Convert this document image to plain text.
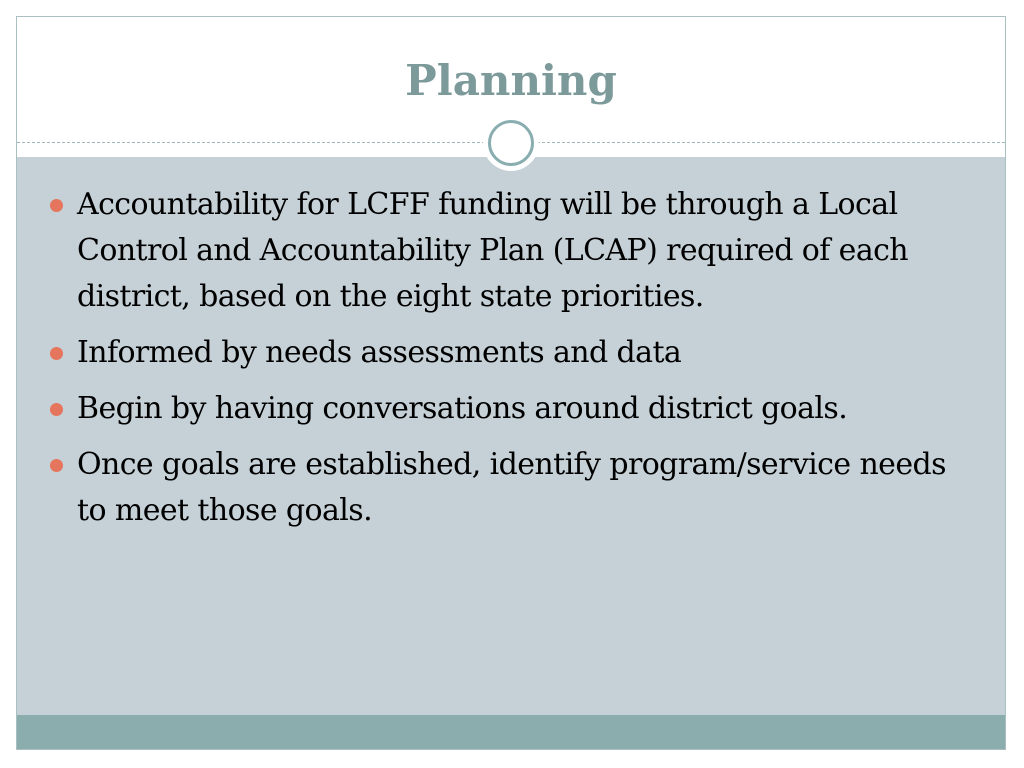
Planning
Accountability for LCFF funding will be through a Local Control and Accountability Plan (LCAP) required of each district, based on the eight state priorities.
Informed by needs assessments and data
Begin by having conversations around district goals.
Once goals are established, identify program/service needs to meet those goals.
